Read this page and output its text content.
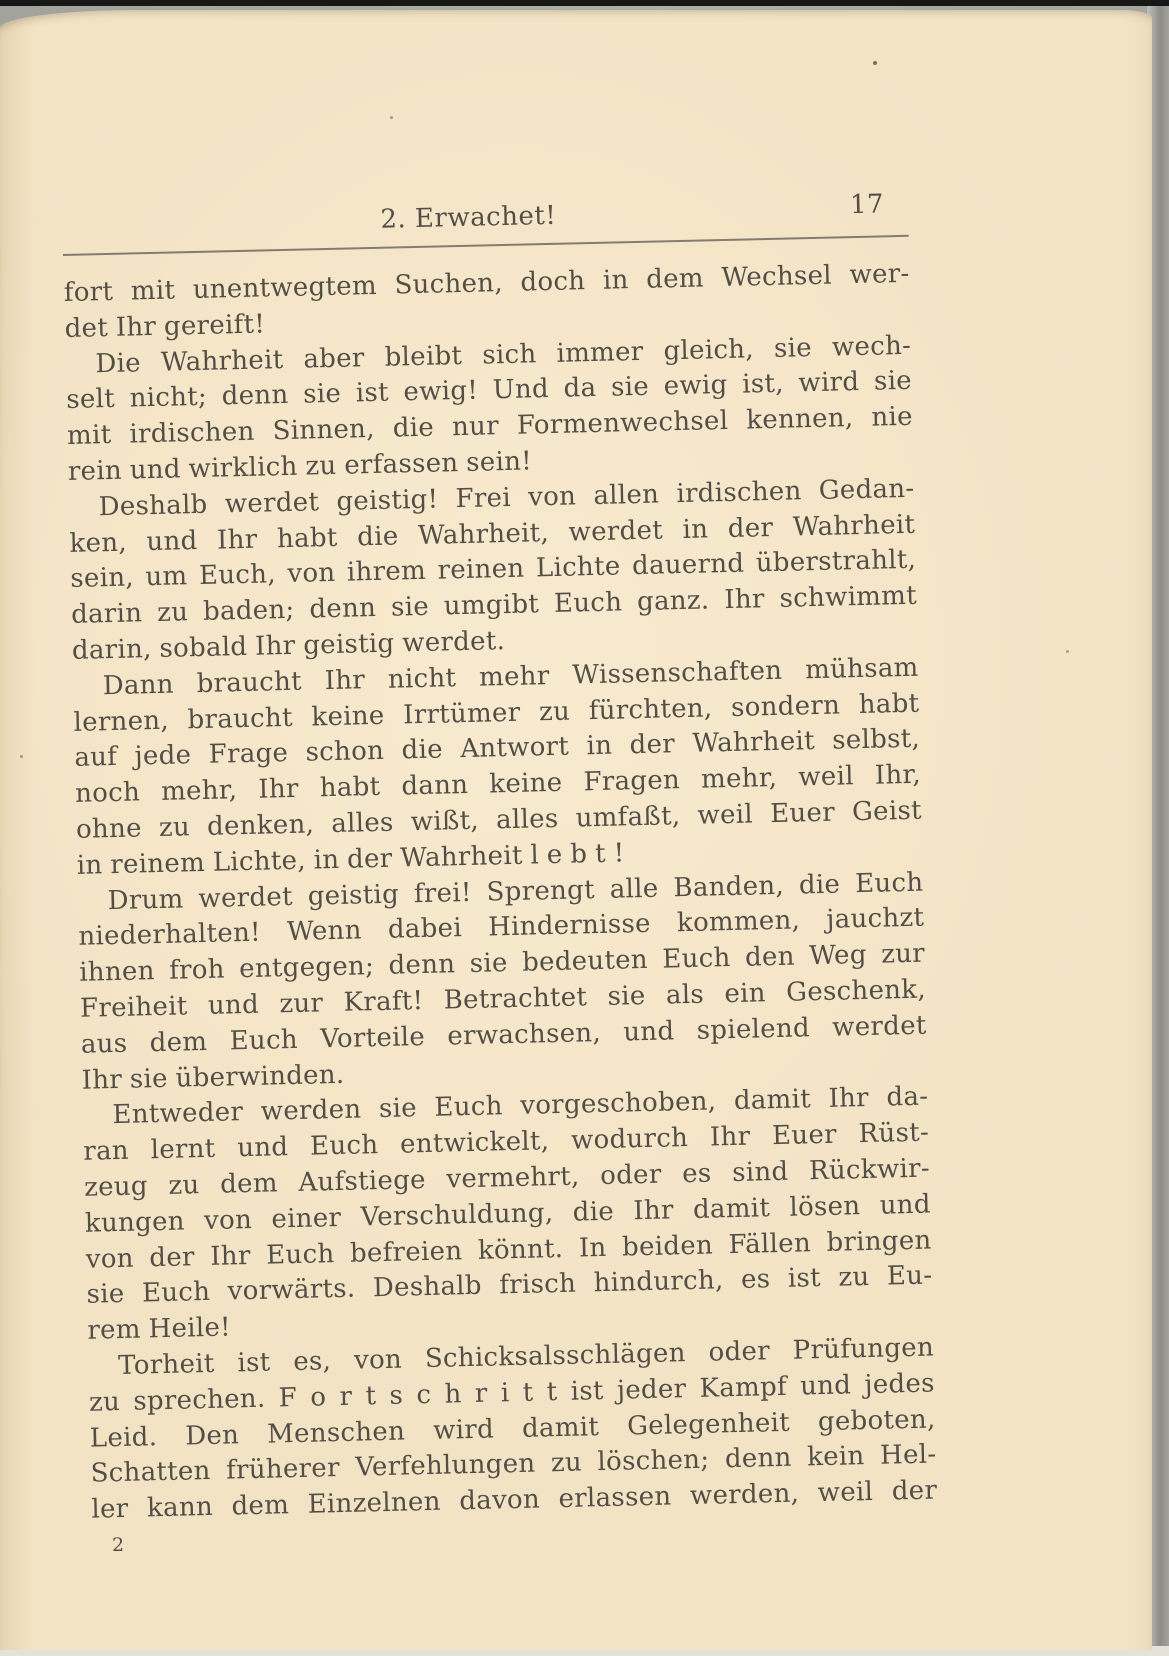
2. Erwachet!	17
fort mit unentwegtem Suchen, doch in dem Wechsel wer-
det Ihr gereift!
Die Wahrheit aber bleibt sich immer gleich, sie wech-
selt nicht; denn sie ist ewig! Und da sie ewig ist, wird sie
mit irdischen Sinnen, die nur Formenwechsel kennen, nie
rein und wirklich zu erfassen sein!
Deshalb werdet geistig! Frei von allen irdischen Gedan-
ken, und Ihr habt die Wahrheit, werdet in der Wahrheit
sein, um Euch, von ihrem reinen Lichte dauernd überstrahlt,
darin zu baden; denn sie umgibt Euch ganz. Ihr schwimmt
darin, sobald Ihr geistig werdet.
Dann braucht Ihr nicht mehr Wissenschaften mühsam
lernen, braucht keine Irrtümer zu fürchten, sondern habt
auf jede Frage schon die Antwort in der Wahrheit selbst,
noch mehr, Ihr habt dann keine Fragen mehr, weil Ihr,
ohne zu denken, alles wißt, alles umfaßt, weil Euer Geist
in reinem Lichte, in der Wahrheit l e b t !
Drum werdet geistig frei! Sprengt alle Banden, die Euch
niederhalten! Wenn dabei Hindernisse kommen, jauchzt
ihnen froh entgegen; denn sie bedeuten Euch den Weg zur
Freiheit und zur Kraft! Betrachtet sie als ein Geschenk,
aus dem Euch Vorteile erwachsen, und spielend werdet
Ihr sie überwinden.
Entweder werden sie Euch vorgeschoben, damit Ihr da-
ran lernt und Euch entwickelt, wodurch Ihr Euer Rüst-
zeug zu dem Aufstiege vermehrt, oder es sind Rückwir-
kungen von einer Verschuldung, die Ihr damit lösen und
von der Ihr Euch befreien könnt. In beiden Fällen bringen
sie Euch vorwärts. Deshalb frisch hindurch, es ist zu Eu-
rem Heile!
Torheit ist es, von Schicksalsschlägen oder Prüfungen
zu sprechen. F o r t s c h r i t t ist jeder Kampf und jedes
Leid. Den Menschen wird damit Gelegenheit geboten,
Schatten früherer Verfehlungen zu löschen; denn kein Hel-
ler kann dem Einzelnen davon erlassen werden, weil der
2
